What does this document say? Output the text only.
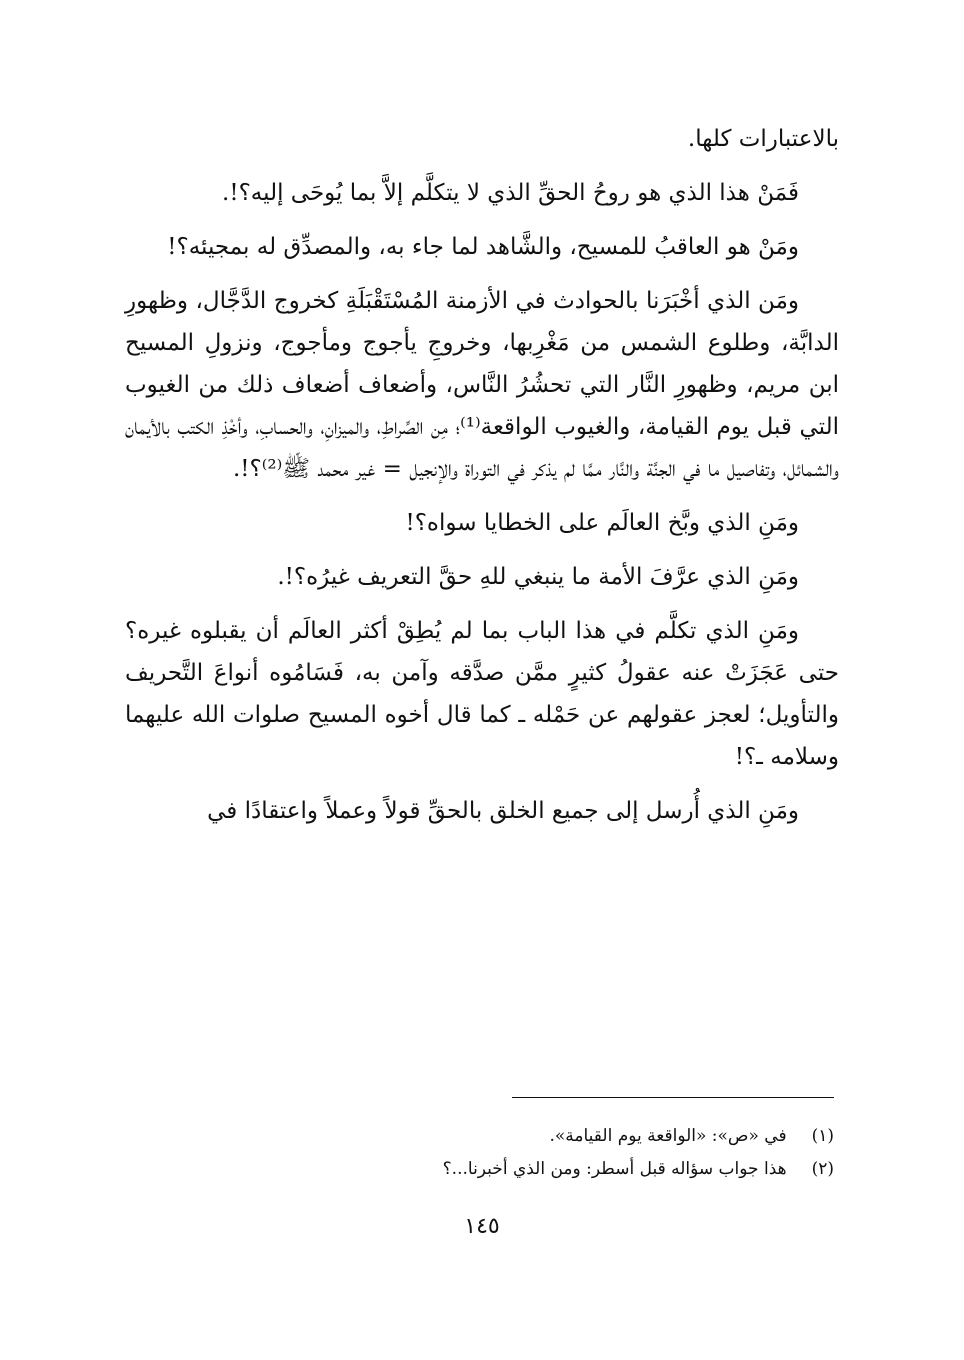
بالاعتبارات كلها.

فَمَنْ هذا الذي هو روحُ الحقِّ الذي لا يتكلَّم إلاَّ بما يُوحَى إليه؟!.

ومَنْ هو العاقبُ للمسيح، والشَّاهد لما جاء به، والمصدِّق له بمجيئه؟!

ومَن الذي أخْبَرَنا بالحوادث في الأزمنة المُسْتَقْبَلَةِ كخروج الدَّجَّال، وظهورِ الدابَّة، وطلوع الشمس من مَغْرِبها، وخروجِ يأجوج ومأجوج، ونزولِ المسيح ابن مريم، وظهورِ النَّار التي تحشُرُ النَّاس، وأضعاف أضعاف ذلك من الغيوب التي قبل يوم القيامة، والغيوب الواقعة⁽¹⁾؛ مِن الصِّراطِ، والميزانِ، والحسابِ، وأخْذِ الكتب بالأيمان والشمائل، وتفاصيل ما في الجنَّة والنَّار ممَّا لم يذكر في التوراة والإنجيل = غير محمد ﷺ⁽²⁾؟!.

ومَنِ الذي وبَّخ العالَم على الخطايا سواه؟!

ومَنِ الذي عرَّفَ الأمة ما ينبغي للهِ حقَّ التعريف غيرُه؟!.

ومَنِ الذي تكلَّم في هذا الباب بما لم يُطِقْ أكثر العالَم أن يقبلوه غيره؟ حتى عَجَزَتْ عنه عقولُ كثيرٍ ممَّن صدَّقه وآمن به، فَسَامُوه أنواعَ التَّحريف والتأويل؛ لعجز عقولهم عن حَمْله ـ كما قال أخوه المسيح صلوات الله عليهما وسلامه ـ؟!

ومَنِ الذي أُرسل إلى جميع الخلق بالحقِّ قولاً وعملاً واعتقادًا في

(١) في «ص»: «الواقعة يوم القيامة».
(٢) هذا جواب سؤاله قبل أسطر: ومن الذي أخبرنا...؟
١٤٥
